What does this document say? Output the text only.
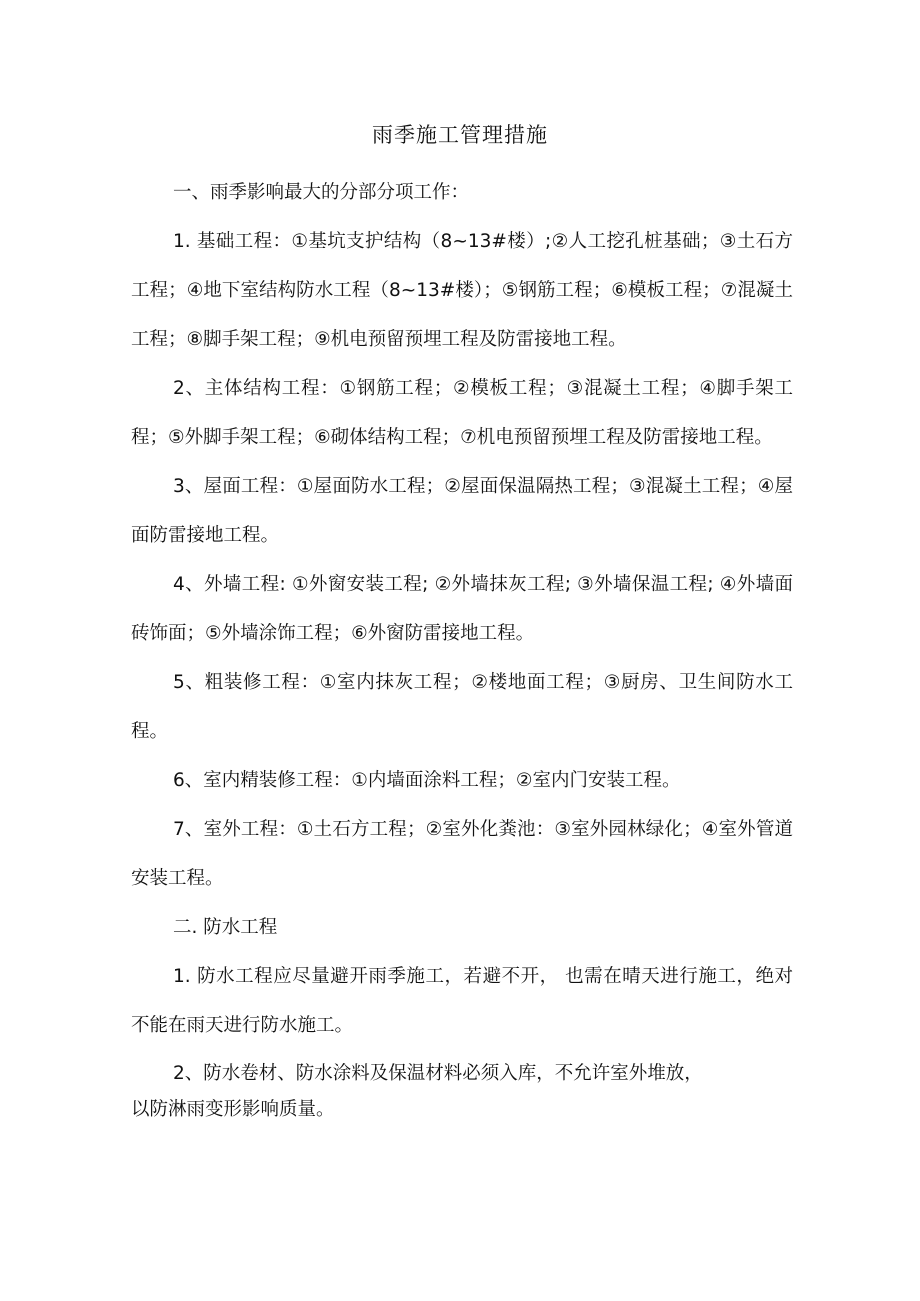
雨季施工管理措施

一、雨季影响最大的分部分项工作：

1. 基础工程：①基坑支护结构（8~13#楼）;②人工挖孔桩基础；③土石方工程；④地下室结构防水工程（8~13#楼）；⑤钢筋工程；⑥模板工程；⑦混凝土工程；⑧脚手架工程；⑨机电预留预埋工程及防雷接地工程。

2、主体结构工程：①钢筋工程；②模板工程；③混凝土工程；④脚手架工程；⑤外脚手架工程；⑥砌体结构工程；⑦机电预留预埋工程及防雷接地工程。

3、屋面工程：①屋面防水工程；②屋面保温隔热工程；③混凝土工程；④屋面防雷接地工程。

4、外墙工程: ①外窗安装工程; ②外墙抹灰工程; ③外墙保温工程; ④外墙面砖饰面；⑤外墙涂饰工程；⑥外窗防雷接地工程。

5、粗装修工程：①室内抹灰工程；②楼地面工程；③厨房、卫生间防水工程。

6、室内精装修工程：①内墙面涂料工程；②室内门安装工程。

7、室外工程：①土石方工程；②室外化粪池：③室外园林绿化；④室外管道安装工程。

二. 防水工程

1. 防水工程应尽量避开雨季施工，若避不开， 也需在晴天进行施工，绝对不能在雨天进行防水施工。

2、防水卷材、防水涂料及保温材料必须入库，不允许室外堆放，
以防淋雨变形影响质量。
